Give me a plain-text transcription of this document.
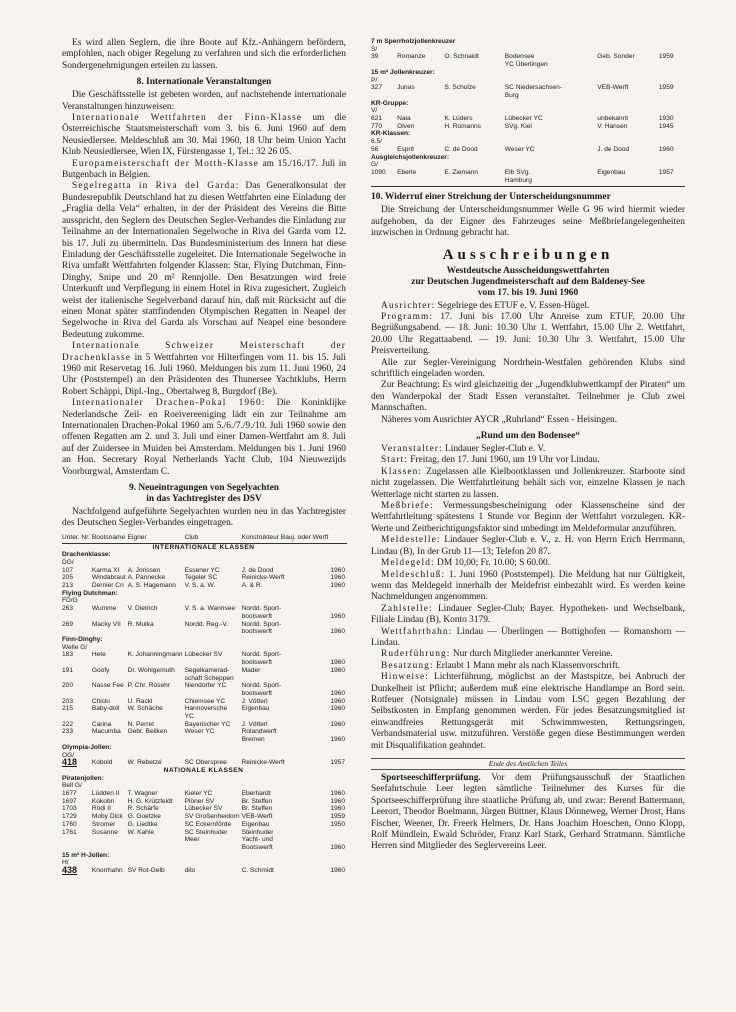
Es wird allen Seglern, die ihre Boote auf Kfz.-Anhängern befördern, empfohlen, nach obiger Regelung zu verfahren und sich die erforderlichen Sondergenehmigungen erteilen zu lassen.

8. Internationale Veranstaltungen

Die Geschäftsstelle ist gebeten worden, auf nachstehende internationale Veranstaltungen hinzuweisen:

Internationale Wettfahrten der Finn-Klasse um die Österreichische Staatsmeisterschaft vom 3. bis 6. Juni 1960 auf dem Neusiedlersee. Meldeschluß am 30. Mai 1960, 18 Uhr beim Union Yacht Klub Neusiedlersee, Wien IX, Fürstengasse 1, Tel.: 32 26 05.

Europameisterschaft der Motth-Klasse am 15./16./17. Juli in Butgenbach in Belgien.

Segelregatta in Riva del Garda: Das Generalkonsulat der Bundesrepublik Deutschland hat zu diesen Wettfahrten eine Einladung der „Fraglia della Vela“ erhalten, in der der Präsident des Vereins die Bitte ausspricht, den Seglern des Deutschen Segler-Verbandes die Einladung zur Teilnahme an der Internationalen Segelwoche in Riva del Garda vom 12. bis 17. Juli zu übermitteln. Das Bundesministerium des Innern hat diese Einladung der Geschäftsstelle zugeleitet. Die Internationale Segelwoche in Riva umfaßt Wettfahrten folgender Klassen: Star, Flying Dutchman, Finn-Dinghy, Snipe und 20 m² Rennjolle. Den Besatzungen wird freie Unterkunft und Verpflegung in einem Hotel in Riva zugesichert. Zugleich weist der italienische Segelverband darauf hin, daß mit Rücksicht auf die einen Monat später stattfindenden Olympischen Regatten in Neapel der Segelwoche in Riva del Garda als Vorschau auf Neapel eine besondere Bedeutung zukomme.

Internationale Schweizer Meisterschaft der Drachenklasse in 5 Wettfahrten vor Hilterfingen vom 11. bis 15. Juli 1960 mit Reservetag 16. Juli 1960. Meldungen bis zum 11. Juni 1960, 24 Uhr (Poststempel) an den Präsidenten des Thunersee Yachtklubs, Herrn Robert Schäppi, Dipl.-Ing., Obertalweg 8, Burgdorf (Be).

Internationaler Drachen-Pokal 1960: Die Koninklijke Nederlandsche Zeil- en Roeivereeniging lädt ein zur Teilnahme am Internationalen Drachen-Pokal 1960 am 5./6./7./9./10. Juli 1960 sowie den offenen Regatten am 2. und 3. Juli und einer Damen-Wettfahrt am 8. Juli auf der Zuidersee in Muiden bei Amsterdam. Meldungen bis 1. Juni 1960 an Hon. Secretary Royal Netherlands Yacht Club, 104 Nieuwezijds Voorburgwal, Amsterdam C.

9. Neueintragungen von Segelyachten
in das Yachtregister des DSV

Nachfolgend aufgeführte Segelyachten wurden neu in das Yachtregister des Deutschen Segler-Verbandes eingetragen.

Unter. Nr.	Bootsname	Eigner	Club	Konstrukteur Bauj. oder Werft	
INTERNATIONALE KLASSEN					
Drachenklasse:					
DG/					
107	Karma XI	A. Jorissen	Essener YC	J. de Dood	1960
205	Windabraut	A. Pannecke	Tegeler SC	Reinicke-Werft	1960
213	Dernier Cri	A. S. Hagemann	V. S. a. W.	A. & R.	1960
Flying Dutchman:					
FD/G					
263	Wumme	V. Dietrich	V. S. a. Wannsee	Nordd. Sport-	
				bootswerft	1960
269	Macky VII	R. Mulka	Nordd. Reg.-V.	Nordd. Sport-	
				bootswerft	1960
Finn-Dinghy:					
Welle G/					
183	Hete	K. Johanningmann	Lübecker SV	Nordd. Sport-	
				bootswerft	1960
191	Goofy	Dr. Wohlgemuth	Segelkamerad-	Mader	1960
			schaft Scheppen		
200	Nasse Fee	P. Chr. Rosehr	Niendorfer YC	Nordd. Sport-	
				bootswerft	1960
203	Chicki	U. Rackl	Chiemsee YC	J. Vötterl	1960
215	Baby-doll	W. Schäche	Hannoversche	Eigenbau	1960
			YC		
222	Carina	N. Perret	Bayerischer YC	J. Vötterl	1960
233	Macumba	Gebr. Beilken	Weser YC	Rolandwerft	
				Bremen	1960
Olympia-Jollen:					
OG/					
418	Kobold	W. Rebetzé	SC Oberspree	Reinicke-Werft	1957
NATIONALE KLASSEN					
Piratenjollen:					
Bell G/					
1677	Lüdden II	T. Wagner	Kieler YC	Eberhardt	1960
1697	Kokobri	H. G. Krützfeldt	Plöner SV	Br. Steffen	1960
1703	Rödi II	R. Schärfe	Lübecker SV	Br. Steffen	1960
1729	Moby Dick	G. Goetzke	SV Großenheidorn	VEB-Werft	1959
1760	Stromer	G. Liedtke	SC Eckernförde	Eigenbau	1950
1761	Susanne	W. Kahle	SC Steinhuder	Steinhuder	
			Meer	Yacht- und	
				Bootswerft	1960
15 m² H-Jollen:					
H/					
438	Knorrhahn	SV Rot-Gelb	dito	C. Schmidt	1960
7 m Sperrholzjollenkreuzer					
S/					
39	Romanze	O. Schnaidt	Bodensee	Geb. Sonder	1959
			YC Überlingen		
15 m² Jollenkreuzer:					
P/					
327	Junas	S. Schulze	SC Niedersachsen-	VEB-Werft	1959
			Burg		
KR-Gruppe:					
V/					
621	Naia	K. Lüders	Lübecker YC	unbekannt	1930
770	Olven	H. Romanns	SVg. Kiel	V. Hansen	1945
KR-Klassen:					
6.5/					
56	Esprit	C. de Dood	Weser YC	J. de Dood	1960
Ausgleichsjollenkreuzer:					
G/					
1090	Eberle	E. Ziemann	Elb SVg.	Eigenbau	1957
			Hamburg		
10. Widerruf einer Streichung der Unterscheidungsnummer

Die Streichung der Unterscheidungsnummer Welle G 96 wird hiermit wieder aufgehoben, da der Eigner des Fahrzeuges seine Meßbriefangelegenheiten inzwischen in Ordnung gebracht hat.

Ausschreibungen
Westdeutsche Ausscheidungswettfahrten
zur Deutschen Jugendmeisterschaft auf dem Baldeney-See
vom 17. bis 19. Juni 1960

Ausrichter: Segelriege des ETUF e. V. Essen-Hügel.

Programm: 17. Juni bis 17.00 Uhr Anreise zum ETUF, 20.00 Uhr Begrüßungsabend. — 18. Juni: 10.30 Uhr 1. Wettfahrt, 15.00 Uhr 2. Wettfahrt, 20.00 Uhr Regattaabend. — 19. Juni: 10.30 Uhr 3. Wettfahrt, 15.00 Uhr Preisverteilung.

Alle zur Segler-Vereinigung Nordrhein-Westfalen gehörenden Klubs sind schriftlich eingeladen worden.

Zur Beachtung: Es wird gleichzeitig der „Jugendklubwettkampf der Piraten“ um den Wanderpokal der Stadt Essen veranstaltet. Teilnehmer je Club zwei Mannschaften.

Näheres vom Ausrichter AYCR „Ruhrland“ Essen - Heisingen.

„Rund um den Bodensee“

Veranstalter: Lindauer Segler-Club e. V.

Start: Freitag, den 17. Juni 1960, um 19 Uhr vor Lindau.

Klassen: Zugelassen alle Kielbootklassen und Jollenkreuzer. Starboote sind nicht zugelassen. Die Wettfahrtleitung behält sich vor, einzelne Klassen je nach Wetterlage nicht starten zu lassen.

Meßbriefe: Vermessungsbescheinigung oder Klassenscheine sind der Wettfahrtleitung spätestens 1 Stunde vor Beginn der Wettfahrt vorzulegen. KR-Werte und Zeitberichtigungsfaktor sind unbedingt im Meldeformular anzuführen.

Meldestelle: Lindauer Segler-Club e. V., z. H. von Herrn Erich Herrmann, Lindau (B), In der Grub 11—13; Telefon 20 87.

Meldegeld: DM 10,00; Fr. 10.00; S 60.00.

Meldeschluß: 1. Juni 1960 (Poststempel). Die Meldung hat nur Gültigkeit, wenn das Meldegeld innerhalb der Meldefrist einbezahlt wird. Es werden keine Nachmeldungen angenommen.

Zahlstelle: Lindauer Segler-Club; Bayer. Hypotheken- und Wechselbank, Filiale Lindau (B), Konto 3179.

Wettfahrtbahn: Lindau — Überlingen — Bottighofen — Romanshorn — Lindau.

Ruderführung: Nur durch Mitglieder anerkannter Vereine.

Besatzung: Erlaubt 1 Mann mehr als nach Klassenvorschrift.

Hinweise: Lichterführung, möglichst an der Mastspitze, bei Anbruch der Dunkelheit ist Pflicht; außerdem muß eine elektrische Handlampe an Bord sein. Rotfeuer (Notsignale) müssen in Lindau vom LSC gegen Bezahlung der Selbstkosten in Empfang genommen werden. Für jedes Besatzungsmitglied ist einwandfreies Rettungsgerät mit Schwimmwesten, Rettungsringen, Verbandsmaterial usw. mitzuführen. Verstöße gegen diese Bestimmungen werden mit Disqualifikation geahndet.

Ende des Amtlichen Teiles

Sportseeschifferprüfung. Vor dem Prüfungsausschuß der Staatlichen Seefahrtschule Leer legten sämtliche Teilnehmer des Kurses für die Sportseeschifferprüfung ihre staatliche Prüfung ab, und zwar: Berend Battermann, Leerort, Theodor Boelmann, Jürgen Büttner, Klaus Dönneweg, Werner Drost, Hans Fischer, Weener, Dr. Freerk Helmers, Dr. Hans Joachim Hoeschen, Onno Klopp, Rolf Mündlein, Ewald Schröder, Franz Karl Stark, Gerhard Stratmann. Sämtliche Herren sind Mitglieder des Seglervereins Leer.
